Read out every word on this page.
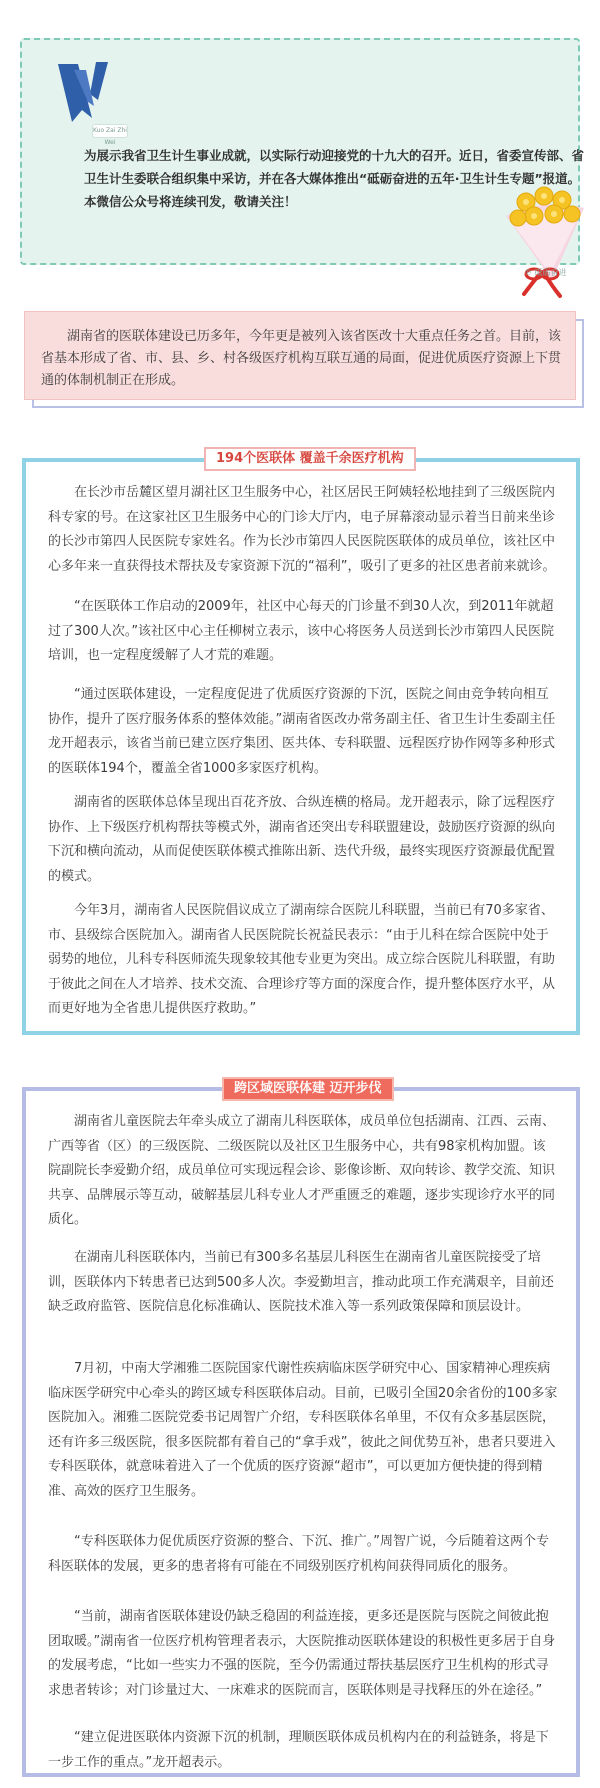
Kuo Zai Zhi Wei

为展示我省卫生计生事业成就，以实际行动迎接党的十九大的召开。近日，省委宣传部、省卫生计生委联合组织集中采访，并在各大媒体推出“砥砺奋进的五年·卫生计生专题”报道。本微信公众号将连续刊发，敬请关注！

℗ 砥砺奋进

湖南省的医联体建设已历多年，今年更是被列入该省医改十大重点任务之首。目前，该省基本形成了省、市、县、乡、村各级医疗机构互联互通的局面，促进优质医疗资源上下贯通的体制机制正在形成。

194个医联体 覆盖千余医疗机构

在长沙市岳麓区望月湖社区卫生服务中心，社区居民王阿姨轻松地挂到了三级医院内科专家的号。在这家社区卫生服务中心的门诊大厅内，电子屏幕滚动显示着当日前来坐诊的长沙市第四人民医院专家姓名。作为长沙市第四人民医院医联体的成员单位，该社区中心多年来一直获得技术帮扶及专家资源下沉的“福利”，吸引了更多的社区患者前来就诊。

“在医联体工作启动的2009年，社区中心每天的门诊量不到30人次，到2011年就超过了300人次。”该社区中心主任柳树立表示，该中心将医务人员送到长沙市第四人民医院培训，也一定程度缓解了人才荒的难题。

“通过医联体建设，一定程度促进了优质医疗资源的下沉，医院之间由竞争转向相互协作，提升了医疗服务体系的整体效能。”湖南省医改办常务副主任、省卫生计生委副主任龙开超表示，该省当前已建立医疗集团、医共体、专科联盟、远程医疗协作网等多种形式的医联体194个，覆盖全省1000多家医疗机构。

湖南省的医联体总体呈现出百花齐放、合纵连横的格局。龙开超表示，除了远程医疗协作、上下级医疗机构帮扶等模式外，湖南省还突出专科联盟建设，鼓励医疗资源的纵向下沉和横向流动，从而促使医联体模式推陈出新、迭代升级，最终实现医疗资源最优配置的模式。

今年3月，湖南省人民医院倡议成立了湖南综合医院儿科联盟，当前已有70多家省、市、县级综合医院加入。湖南省人民医院院长祝益民表示：“由于儿科在综合医院中处于弱势的地位，儿科专科医师流失现象较其他专业更为突出。成立综合医院儿科联盟，有助于彼此之间在人才培养、技术交流、合理诊疗等方面的深度合作，提升整体医疗水平，从而更好地为全省患儿提供医疗救助。”

跨区域医联体建 迈开步伐

湖南省儿童医院去年牵头成立了湖南儿科医联体，成员单位包括湖南、江西、云南、广西等省（区）的三级医院、二级医院以及社区卫生服务中心，共有98家机构加盟。该院副院长李爱勤介绍，成员单位可实现远程会诊、影像诊断、双向转诊、教学交流、知识共享、品牌展示等互动，破解基层儿科专业人才严重匮乏的难题，逐步实现诊疗水平的同质化。

在湖南儿科医联体内，当前已有300多名基层儿科医生在湖南省儿童医院接受了培训，医联体内下转患者已达到500多人次。李爱勤坦言，推动此项工作充满艰辛，目前还缺乏政府监管、医院信息化标准确认、医院技术准入等一系列政策保障和顶层设计。

7月初，中南大学湘雅二医院国家代谢性疾病临床医学研究中心、国家精神心理疾病临床医学研究中心牵头的跨区域专科医联体启动。目前，已吸引全国20余省份的100多家医院加入。湘雅二医院党委书记周智广介绍，专科医联体名单里，不仅有众多基层医院，还有许多三级医院，很多医院都有着自己的“拿手戏”，彼此之间优势互补，患者只要进入专科医联体，就意味着进入了一个优质的医疗资源“超市”，可以更加方便快捷的得到精准、高效的医疗卫生服务。

“专科医联体力促优质医疗资源的整合、下沉、推广。”周智广说，今后随着这两个专科医联体的发展，更多的患者将有可能在不同级别医疗机构间获得同质化的服务。

“当前，湖南省医联体建设仍缺乏稳固的利益连接，更多还是医院与医院之间彼此抱团取暖。”湖南省一位医疗机构管理者表示，大医院推动医联体建设的积极性更多居于自身的发展考虑，“比如一些实力不强的医院，至今仍需通过帮扶基层医疗卫生机构的形式寻求患者转诊；对门诊量过大、一床难求的医院而言，医联体则是寻找释压的外在途径。”

“建立促进医联体内资源下沉的机制，理顺医联体成员机构内在的利益链条，将是下一步工作的重点。”龙开超表示。
